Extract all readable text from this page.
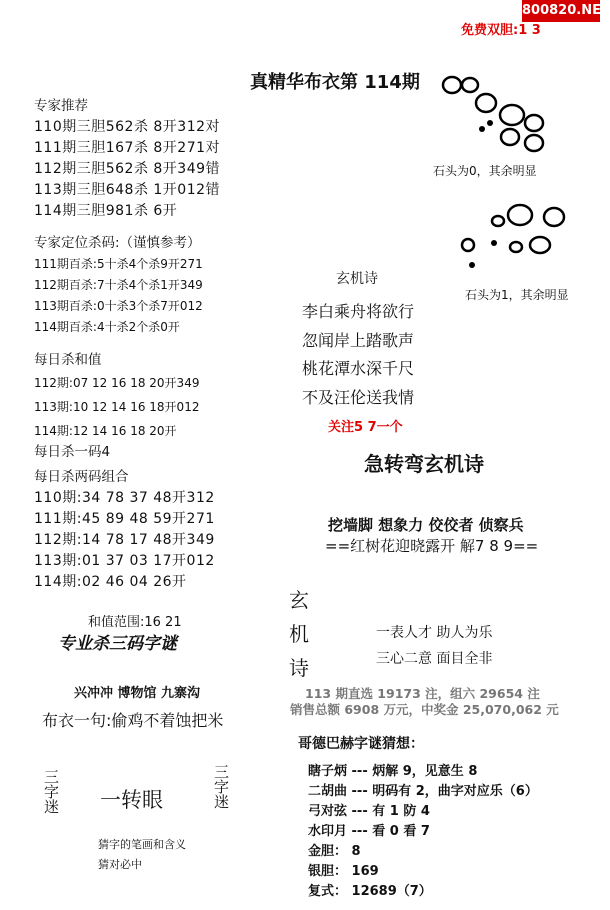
800820.NET
免费双胆:1 3
真精华布衣第 114期
专家推荐
110期三胆562杀 8开312对
111期三胆167杀 8开271对
112期三胆562杀 8开349错
113期三胆648杀 1开012错
114期三胆981杀 6开
专家定位杀码:（谨慎参考）
111期百杀:5十杀4个杀9开271
112期百杀:7十杀4个杀1开349
113期百杀:0十杀3个杀7开012
114期百杀:4十杀2个杀0开
每日杀和值
112期:07 12 16 18 20开349
113期:10 12 14 16 18开012
114期:12 14 16 18 20开
每日杀一码4
每日杀两码组合
110期:34 78 37 48开312
111期:45 89 48 59开271
112期:14 78 17 48开349
113期:01 37 03 17开012
114期:02 46 04 26开
和值范围:16 21
专业杀三码字谜
兴冲冲 博物馆 九寨沟
布衣一句:偷鸡不着蚀把米
三字迷 一转眼
三字迷
猜字的笔画和含义
猜对必中
石头为0，其余明显
石头为1，其余明显
玄机诗
李白乘舟将欲行
忽闻岸上踏歌声
桃花潭水深千尺
不及汪伦送我情
关注5 7一个
急转弯玄机诗
挖墙脚 想象力 佼佼者 侦察兵
==红树花迎晓露开 解7 8 9==
玄机诗
一表人才 助人为乐
三心二意 面目全非
113 期直选 19173 注，组六 29654 注
销售总额 6908 万元，中奖金 25,070,062 元
哥德巴赫字谜猜想：
瞎子炳 --- 炳解 9，见意生 8
二胡曲 --- 明码有 2，曲字对应乐（6）
弓对弦 --- 有 1 防 4
水印月 --- 看 0 看 7
金胆： 8
银胆： 169
复式： 12689（7）
